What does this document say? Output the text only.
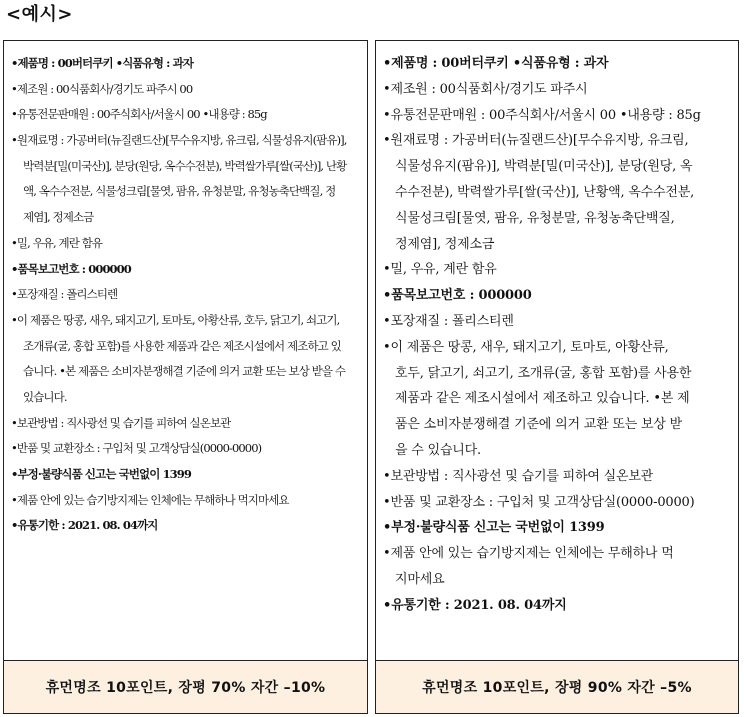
<예시>
•제품명 : 00버터쿠키 •식품유형 : 과자
•제조원 : 00식품회사/경기도 파주시 00
•유통전문판매원 : 00주식회사/서울시 00 •내용량 : 85g
•원재료명 : 가공버터(뉴질랜드산)[무수유지방, 유크림, 식물성유지(팜유)],
박력분[밀(미국산)], 분당(원당, 옥수수전분), 박력쌀가루[쌀(국산)], 난황
액, 옥수수전분, 식물성크림[물엿, 팜유, 유청분말, 유청농축단백질, 정
제염], 정제소금
•밀, 우유, 계란 함유
•품목보고번호 : 000000
•포장재질 : 폴리스티렌
•이 제품은 땅콩, 새우, 돼지고기, 토마토, 아황산류, 호두, 닭고기, 쇠고기,
조개류(굴, 홍합 포함)를 사용한 제품과 같은 제조시설에서 제조하고 있
습니다. •본 제품은 소비자분쟁해결 기준에 의거 교환 또는 보상 받을 수
있습니다.
•보관방법 : 직사광선 및 습기를 피하여 실온보관
•반품 및 교환장소 : 구입처 및 고객상담실(0000-0000)
•부정·불량식품 신고는 국번없이 1399
•제품 안에 있는 습기방지제는 인체에는 무해하나 먹지마세요
•유통기한 : 2021. 08. 04까지
휴먼명조 10포인트, 장평 70% 자간 –10%
•제품명 : 00버터쿠키 •식품유형 : 과자
•제조원 : 00식품회사/경기도 파주시
•유통전문판매원 : 00주식회사/서울시 00 •내용량 : 85g
•원재료명 : 가공버터(뉴질랜드산)[무수유지방, 유크림,
식물성유지(팜유)], 박력분[밀(미국산)], 분당(원당, 옥
수수전분), 박력쌀가루[쌀(국산)], 난황액, 옥수수전분,
식물성크림[물엿, 팜유, 유청분말, 유청농축단백질,
정제염], 정제소금
•밀, 우유, 계란 함유
•품목보고번호 : 000000
•포장재질 : 폴리스티렌
•이 제품은 땅콩, 새우, 돼지고기, 토마토, 아황산류,
호두, 닭고기, 쇠고기, 조개류(굴, 홍합 포함)를 사용한
제품과 같은 제조시설에서 제조하고 있습니다. •본 제
품은 소비자분쟁해결 기준에 의거 교환 또는 보상 받
을 수 있습니다.
•보관방법 : 직사광선 및 습기를 피하여 실온보관
•반품 및 교환장소 : 구입처 및 고객상담실(0000-0000)
•부정·불량식품 신고는 국번없이 1399
•제품 안에 있는 습기방지제는 인체에는 무해하나 먹
지마세요
•유통기한 : 2021. 08. 04까지
휴먼명조 10포인트, 장평 90% 자간 –5%
